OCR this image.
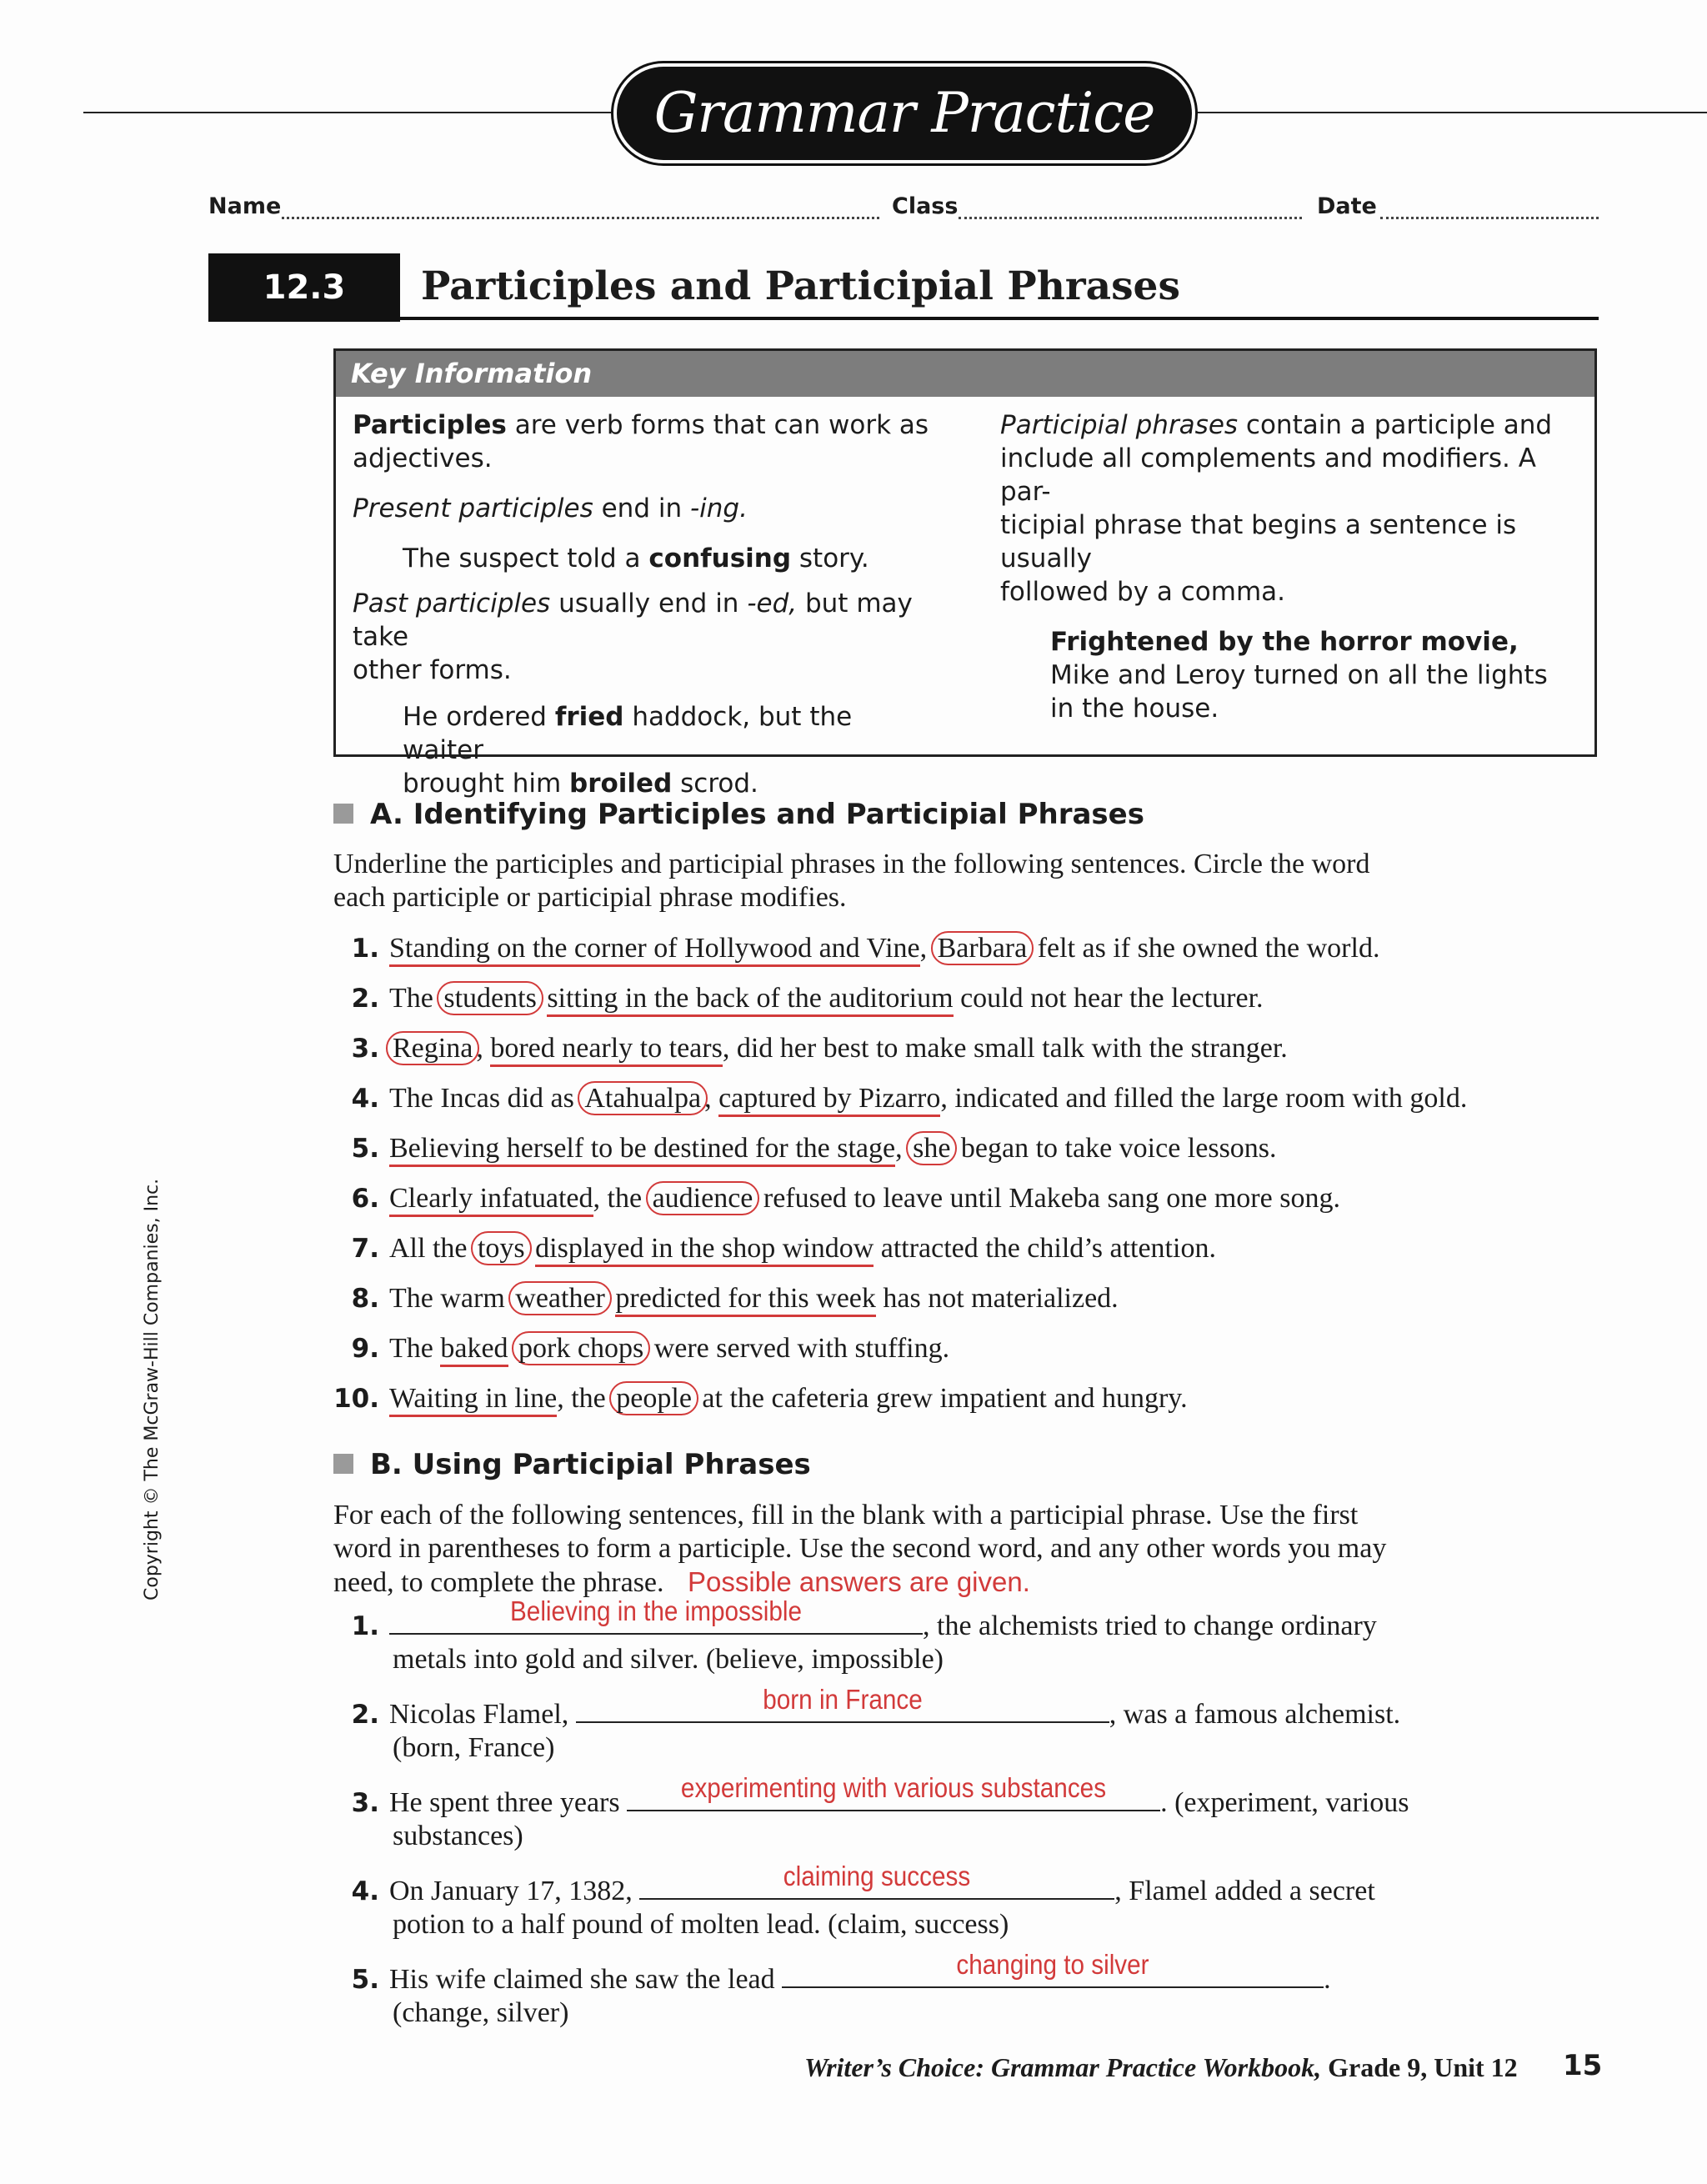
Grammar Practice
Name	Class	Date
12.3	Participles and Participial Phrases
Key Information
Participles are verb forms that can work as
adjectives.
Present participles end in -ing.
The suspect told a confusing story.
Past participles usually end in -ed, but may take
other forms.
He ordered fried haddock, but the waiter
brought him broiled scrod.
Participial phrases contain a participle and
include all complements and modifiers. A par-
ticipial phrase that begins a sentence is usually
followed by a comma.
Frightened by the horror movie,
Mike and Leroy turned on all the lights
in the house.
A. Identifying Participles and Participial Phrases
Underline the participles and participial phrases in the following sentences. Circle the word
each participle or participial phrase modifies.
1. Standing on the corner of Hollywood and Vine, Barbara felt as if she owned the world.
2. The students sitting in the back of the auditorium could not hear the lecturer.
3. Regina , bored nearly to tears, did her best to make small talk with the stranger.
4. The Incas did as Atahualpa , captured by Pizarro, indicated and filled the large room with gold.
5. Believing herself to be destined for the stage, she began to take voice lessons.
6. Clearly infatuated, the audience refused to leave until Makeba sang one more song.
7. All the toys displayed in the shop window attracted the child’s attention.
8. The warm weather predicted for this week has not materialized.
9. The baked pork chops were served with stuffing.
10. Waiting in line, the people at the cafeteria grew impatient and hungry.
B. Using Participial Phrases
For each of the following sentences, fill in the blank with a participial phrase. Use the first
word in parentheses to form a participle. Use the second word, and any other words you may
need, to complete the phrase. Possible answers are given.
1.	Believing in the impossible	, the alchemists tried to change ordinary
metals into gold and silver. (believe, impossible)
2. Nicolas Flamel,	born in France	, was a famous alchemist.
(born, France)
3. He spent three years	experimenting with various substances	. (experiment, various
substances)
4. On January 17, 1382,	claiming success	, Flamel added a secret
potion to a half pound of molten lead. (claim, success)
5. His wife claimed she saw the lead	changing to silver	.
(change, silver)
Writer’s Choice: Grammar Practice Workbook, Grade 9, Unit 12 15
Copyright © The McGraw-Hill Companies, Inc.
